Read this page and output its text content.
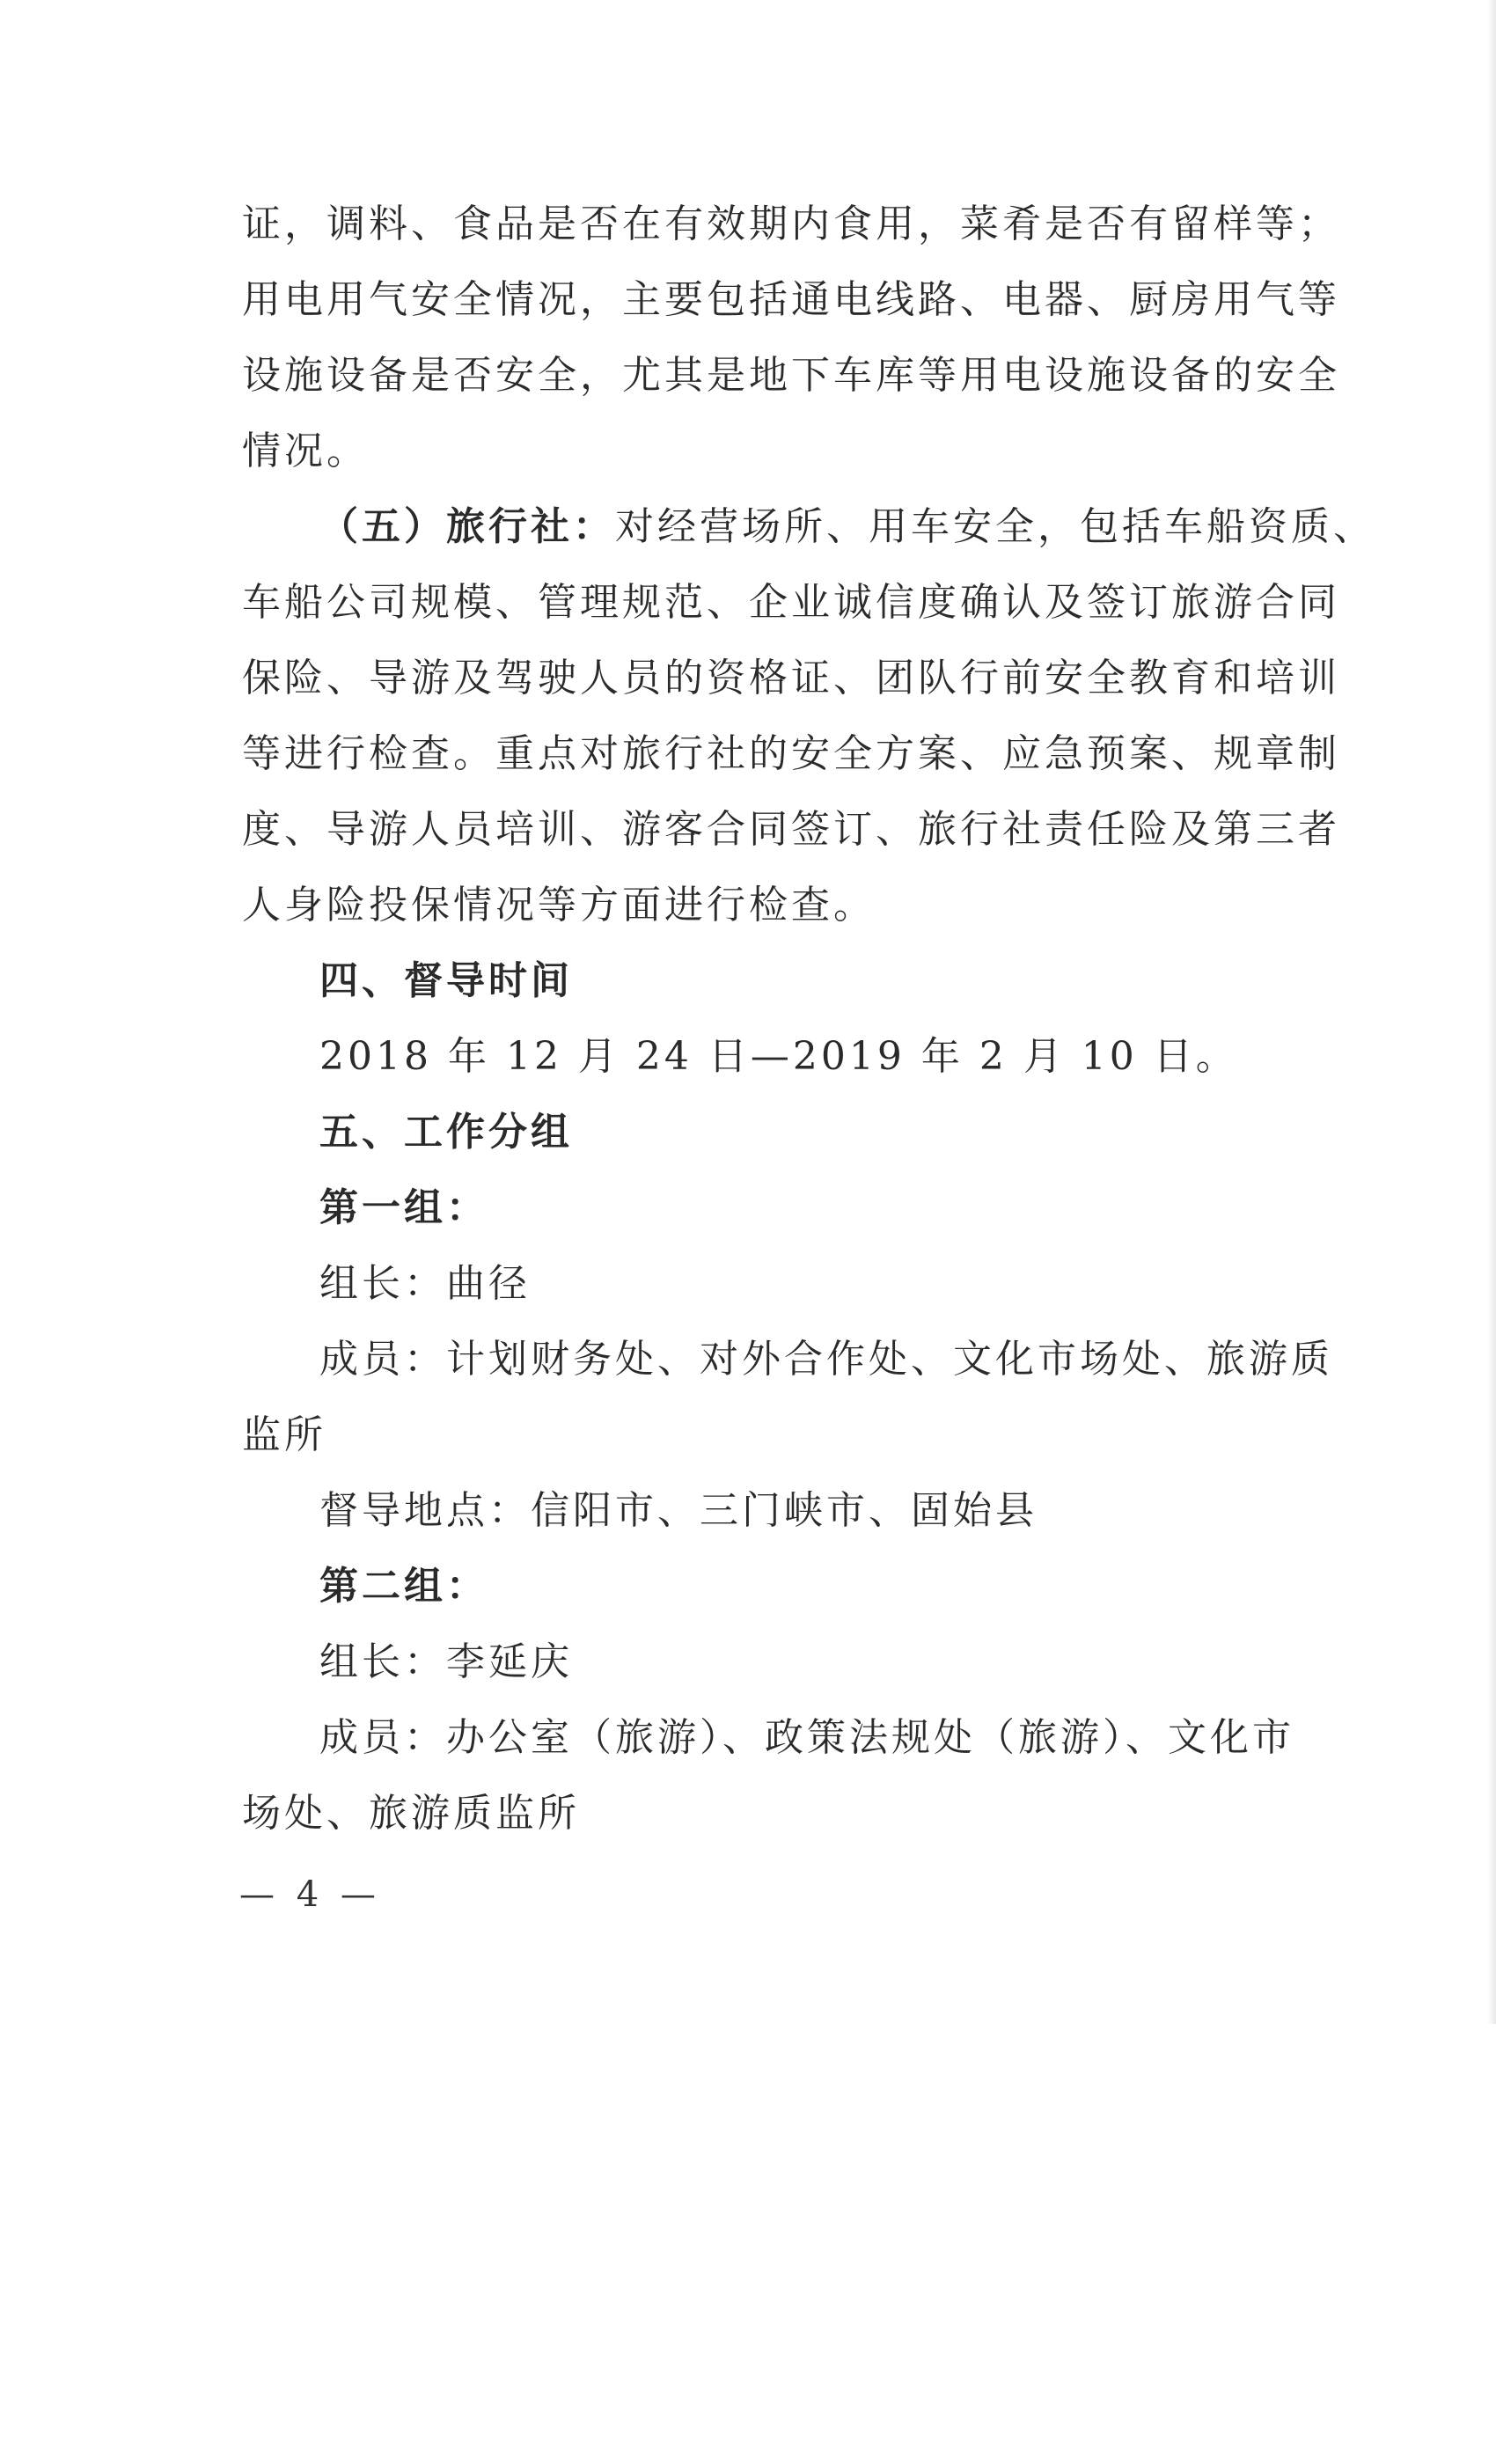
证，调料、食品是否在有效期内食用，菜肴是否有留样等；
用电用气安全情况，主要包括通电线路、电器、厨房用气等
设施设备是否安全，尤其是地下车库等用电设施设备的安全
情况。
（五）旅行社：对经营场所、用车安全，包括车船资质、
车船公司规模、管理规范、企业诚信度确认及签订旅游合同
保险、导游及驾驶人员的资格证、团队行前安全教育和培训
等进行检查。重点对旅行社的安全方案、应急预案、规章制
度、导游人员培训、游客合同签订、旅行社责任险及第三者
人身险投保情况等方面进行检查。
四、督导时间
2018 年 12 月 24 日—2019 年 2 月 10 日。
五、工作分组
第一组：
组长：曲径
成员：计划财务处、对外合作处、文化市场处、旅游质
监所
督导地点：信阳市、三门峡市、固始县
第二组：
组长：李延庆
成员：办公室（旅游）、政策法规处（旅游）、文化市
场处、旅游质监所
— 4 —
